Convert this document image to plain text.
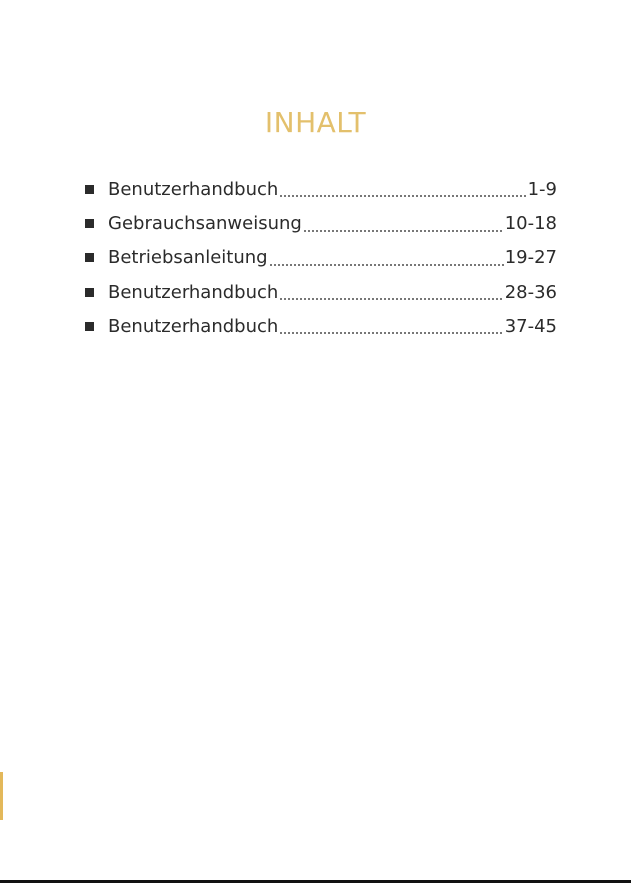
INHALT
Benutzerhandbuch	1-9
Gebrauchsanweisung	10-18
Betriebsanleitung	19-27
Benutzerhandbuch	28-36
Benutzerhandbuch	37-45
